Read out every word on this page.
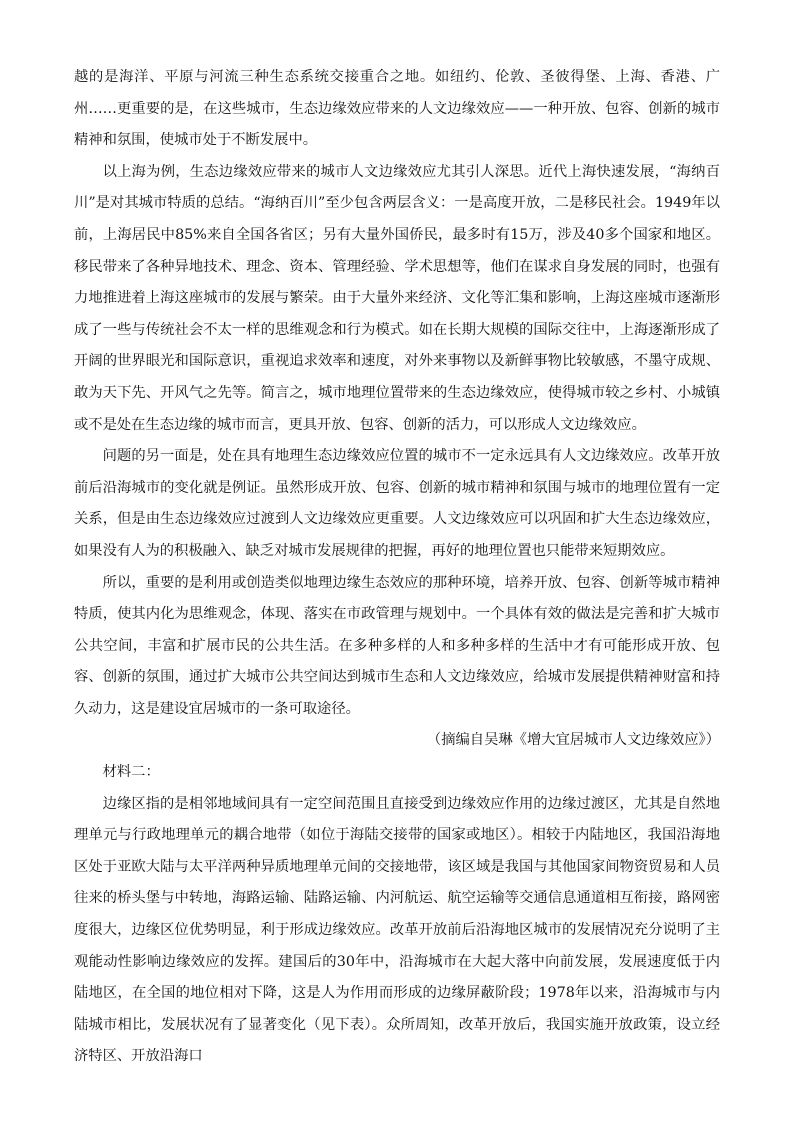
越的是海洋、平原与河流三种生态系统交接重合之地。如纽约、伦敦、圣彼得堡、上海、香港、广州……更重要的是，在这些城市，生态边缘效应带来的人文边缘效应——一种开放、包容、创新的城市精神和氛围，使城市处于不断发展中。

以上海为例，生态边缘效应带来的城市人文边缘效应尤其引人深思。近代上海快速发展，“海纳百川”是对其城市特质的总结。“海纳百川”至少包含两层含义：一是高度开放，二是移民社会。1949年以前，上海居民中85%来自全国各省区；另有大量外国侨民，最多时有15万，涉及40多个国家和地区。移民带来了各种异地技术、理念、资本、管理经验、学术思想等，他们在谋求自身发展的同时，也强有力地推进着上海这座城市的发展与繁荣。由于大量外来经济、文化等汇集和影响，上海这座城市逐渐形成了一些与传统社会不太一样的思维观念和行为模式。如在长期大规模的国际交往中，上海逐渐形成了开阔的世界眼光和国际意识，重视追求效率和速度，对外来事物以及新鲜事物比较敏感，不墨守成规、敢为天下先、开风气之先等。简言之，城市地理位置带来的生态边缘效应，使得城市较之乡村、小城镇或不是处在生态边缘的城市而言，更具开放、包容、创新的活力，可以形成人文边缘效应。

问题的另一面是，处在具有地理生态边缘效应位置的城市不一定永远具有人文边缘效应。改革开放前后沿海城市的变化就是例证。虽然形成开放、包容、创新的城市精神和氛围与城市的地理位置有一定关系，但是由生态边缘效应过渡到人文边缘效应更重要。人文边缘效应可以巩固和扩大生态边缘效应，如果没有人为的积极融入、缺乏对城市发展规律的把握，再好的地理位置也只能带来短期效应。

所以，重要的是利用或创造类似地理边缘生态效应的那种环境，培养开放、包容、创新等城市精神特质，使其内化为思维观念，体现、落实在市政管理与规划中。一个具体有效的做法是完善和扩大城市公共空间，丰富和扩展市民的公共生活。在多种多样的人和多种多样的生活中才有可能形成开放、包容、创新的氛围，通过扩大城市公共空间达到城市生态和人文边缘效应，给城市发展提供精神财富和持久动力，这是建设宜居城市的一条可取途径。

（摘编自吴琳《增大宜居城市人文边缘效应》）

材料二：

边缘区指的是相邻地域间具有一定空间范围且直接受到边缘效应作用的边缘过渡区，尤其是自然地理单元与行政地理单元的耦合地带（如位于海陆交接带的国家或地区）。相较于内陆地区，我国沿海地区处于亚欧大陆与太平洋两种异质地理单元间的交接地带，该区域是我国与其他国家间物资贸易和人员往来的桥头堡与中转地，海路运输、陆路运输、内河航运、航空运输等交通信息通道相互衔接，路网密度很大，边缘区位优势明显，利于形成边缘效应。改革开放前后沿海地区城市的发展情况充分说明了主观能动性影响边缘效应的发挥。建国后的30年中，沿海城市在大起大落中向前发展，发展速度低于内陆地区，在全国的地位相对下降，这是人为作用而形成的边缘屏蔽阶段；1978年以来，沿海城市与内陆城市相比，发展状况有了显著变化（见下表）。众所周知，改革开放后，我国实施开放政策，设立经济特区、开放沿海口
